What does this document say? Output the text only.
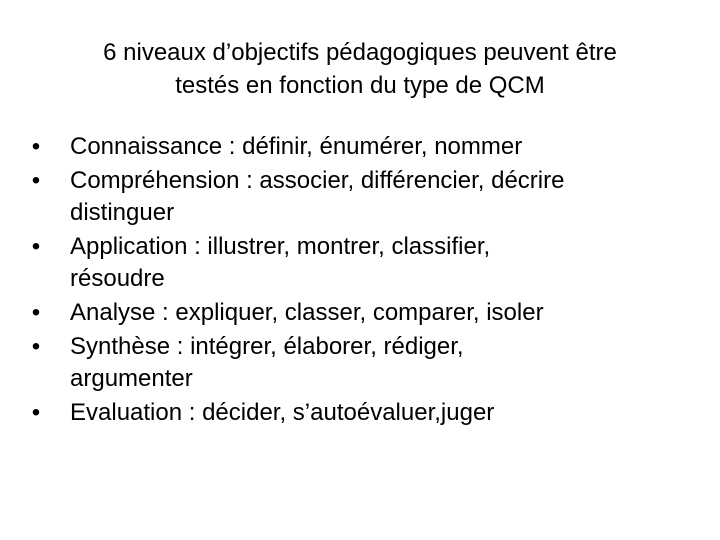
6 niveaux d’objectifs pédagogiques peuvent être
testés en fonction du type de QCM
• Connaissance : définir, énumérer, nommer
• Compréhension : associer, différencier, décrire distinguer
• Application : illustrer, montrer, classifier, résoudre
• Analyse : expliquer, classer, comparer, isoler
• Synthèse : intégrer, élaborer, rédiger, argumenter
• Evaluation : décider, s’autoévaluer,juger
